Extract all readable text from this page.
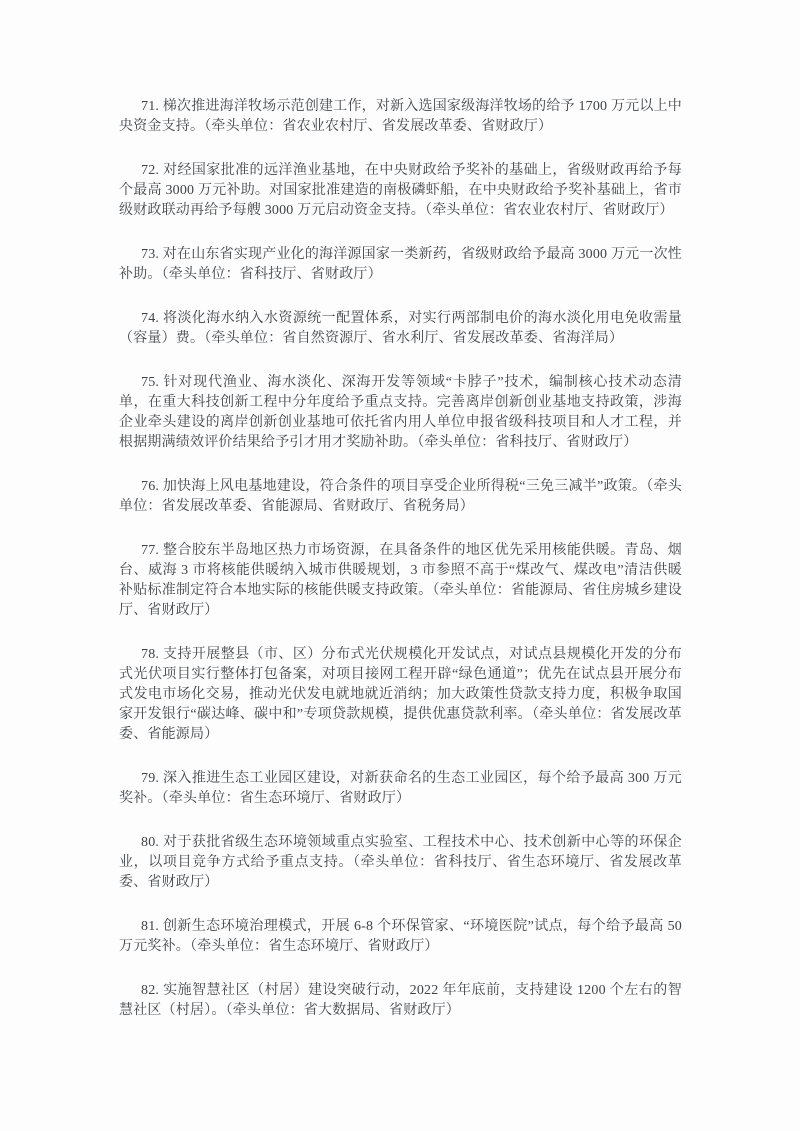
71. 梯次推进海洋牧场示范创建工作，对新入选国家级海洋牧场的给予 1700 万元以上中央资金支持。（牵头单位：省农业农村厅、省发展改革委、省财政厅）

72. 对经国家批准的远洋渔业基地，在中央财政给予奖补的基础上，省级财政再给予每个最高 3000 万元补助。对国家批准建造的南极磷虾船，在中央财政给予奖补基础上，省市级财政联动再给予每艘 3000 万元启动资金支持。（牵头单位：省农业农村厅、省财政厅）

73. 对在山东省实现产业化的海洋源国家一类新药，省级财政给予最高 3000 万元一次性补助。（牵头单位：省科技厅、省财政厅）

74. 将淡化海水纳入水资源统一配置体系，对实行两部制电价的海水淡化用电免收需量（容量）费。（牵头单位：省自然资源厅、省水利厅、省发展改革委、省海洋局）

75. 针对现代渔业、海水淡化、深海开发等领域“卡脖子”技术，编制核心技术动态清单，在重大科技创新工程中分年度给予重点支持。完善离岸创新创业基地支持政策，涉海企业牵头建设的离岸创新创业基地可依托省内用人单位申报省级科技项目和人才工程，并根据期满绩效评价结果给予引才用才奖励补助。（牵头单位：省科技厅、省财政厅）

76. 加快海上风电基地建设，符合条件的项目享受企业所得税“三免三减半”政策。（牵头单位：省发展改革委、省能源局、省财政厅、省税务局）

77. 整合胶东半岛地区热力市场资源，在具备条件的地区优先采用核能供暖。青岛、烟台、威海 3 市将核能供暖纳入城市供暖规划，3 市参照不高于“煤改气、煤改电”清洁供暖补贴标准制定符合本地实际的核能供暖支持政策。（牵头单位：省能源局、省住房城乡建设厅、省财政厅）

78. 支持开展整县（市、区）分布式光伏规模化开发试点，对试点县规模化开发的分布式光伏项目实行整体打包备案，对项目接网工程开辟“绿色通道”；优先在试点县开展分布式发电市场化交易，推动光伏发电就地就近消纳；加大政策性贷款支持力度，积极争取国家开发银行“碳达峰、碳中和”专项贷款规模，提供优惠贷款利率。（牵头单位：省发展改革委、省能源局）

79. 深入推进生态工业园区建设，对新获命名的生态工业园区，每个给予最高 300 万元奖补。（牵头单位：省生态环境厅、省财政厅）

80. 对于获批省级生态环境领域重点实验室、工程技术中心、技术创新中心等的环保企业，以项目竞争方式给予重点支持。（牵头单位：省科技厅、省生态环境厅、省发展改革委、省财政厅）

81. 创新生态环境治理模式，开展 6-8 个环保管家、“环境医院”试点，每个给予最高 50 万元奖补。（牵头单位：省生态环境厅、省财政厅）

82. 实施智慧社区（村居）建设突破行动，2022 年年底前，支持建设 1200 个左右的智慧社区（村居）。（牵头单位：省大数据局、省财政厅）
